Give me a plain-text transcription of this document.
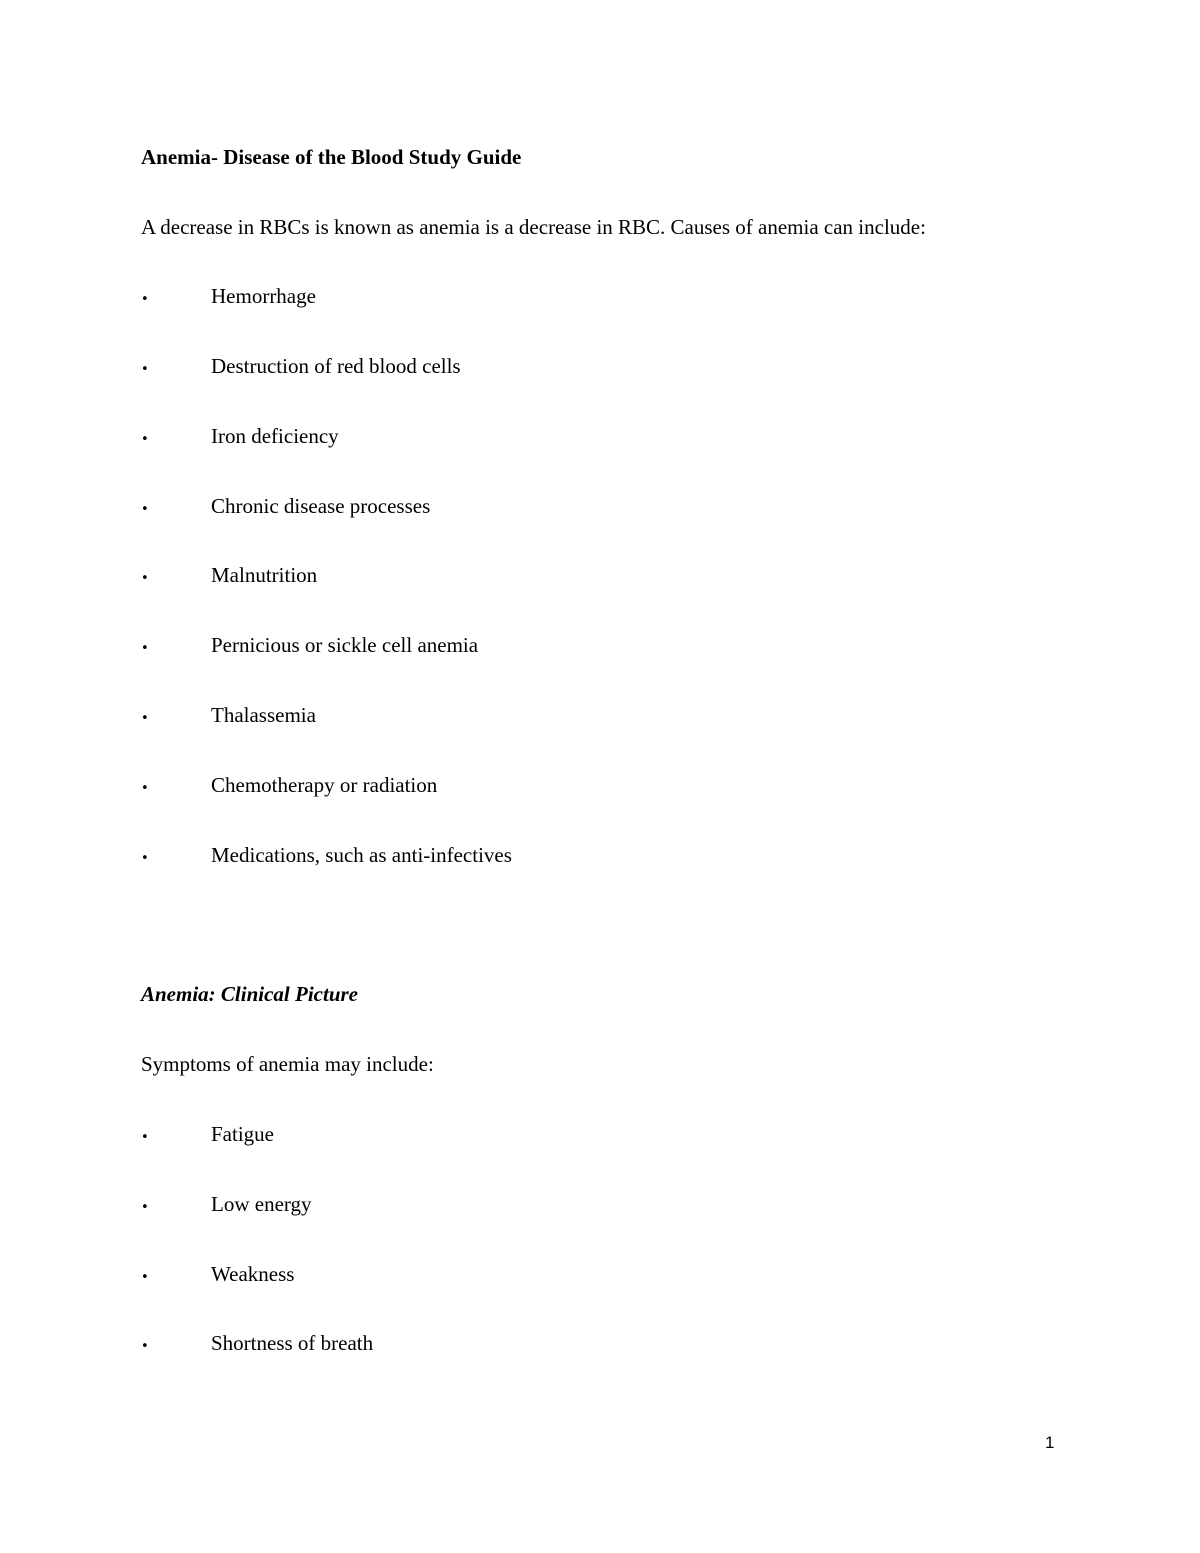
Anemia- Disease of the Blood Study Guide
A decrease in RBCs is known as anemia is a decrease in RBC. Causes of anemia can include:
•	Hemorrhage
•	Destruction of red blood cells
•	Iron deficiency
•	Chronic disease processes
•	Malnutrition
•	Pernicious or sickle cell anemia
•	Thalassemia
•	Chemotherapy or radiation
•	Medications, such as anti-infectives
Anemia: Clinical Picture
Symptoms of anemia may include:
•	Fatigue
•	Low energy
•	Weakness
•	Shortness of breath
1
